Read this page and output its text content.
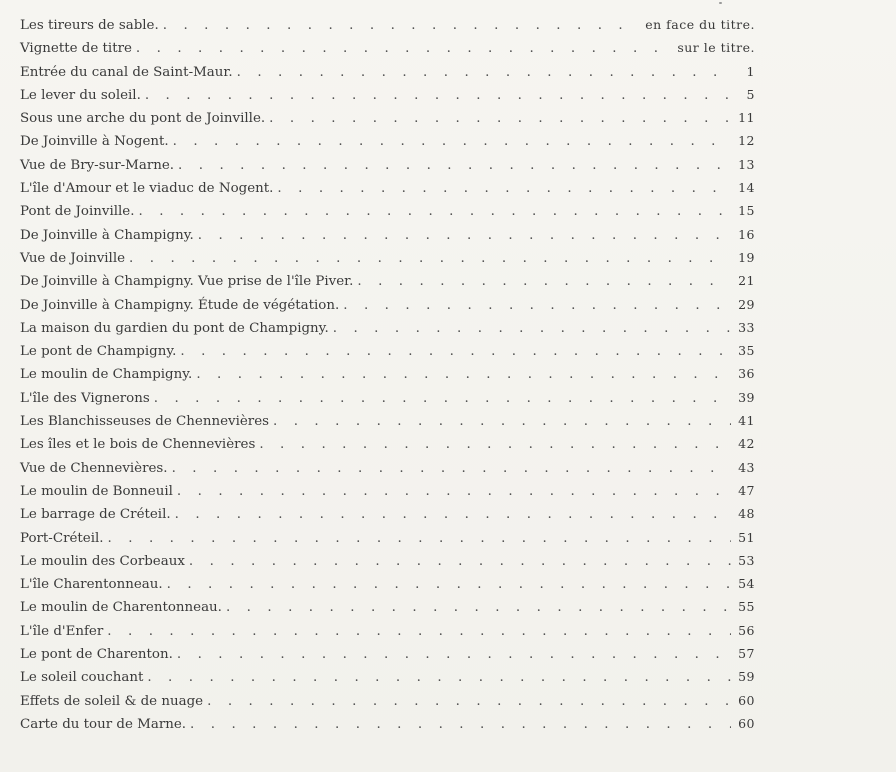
Les tireurs de sable. . . .	en face du titre.
Vignette de titre . . .	sur le titre.
Entrée du canal de Saint-Maur. . . .	1
Le lever du soleil. . . .	5
Sous une arche du pont de Joinville. . . .	11
De Joinville à Nogent. . . .	12
Vue de Bry-sur-Marne. . . .	13
L'île d'Amour et le viaduc de Nogent. . . .	14
Pont de Joinville. . . .	15
De Joinville à Champigny. . . .	16
Vue de Joinville . . .	19
De Joinville à Champigny. Vue prise de l'île Piver. . . .	21
De Joinville à Champigny. Étude de végétation. . . .	29
La maison du gardien du pont de Champigny. . . .	33
Le pont de Champigny. . . .	35
Le moulin de Champigny. . . .	36
L'île des Vignerons . . .	39
Les Blanchisseuses de Chennevières . . .	41
Les îles et le bois de Chennevières . . .	42
Vue de Chennevières. . . .	43
Le moulin de Bonneuil . . .	47
Le barrage de Créteil. . . .	48
Port-Créteil. . . .	51
Le moulin des Corbeaux . . .	53
L'île Charentonneau. . . .	54
Le moulin de Charentonneau. . . .	55
L'île d'Enfer . . .	56
Le pont de Charenton. . . .	57
Le soleil couchant . . .	59
Effets de soleil & de nuage . . .	60
Carte du tour de Marne. . . .	60
